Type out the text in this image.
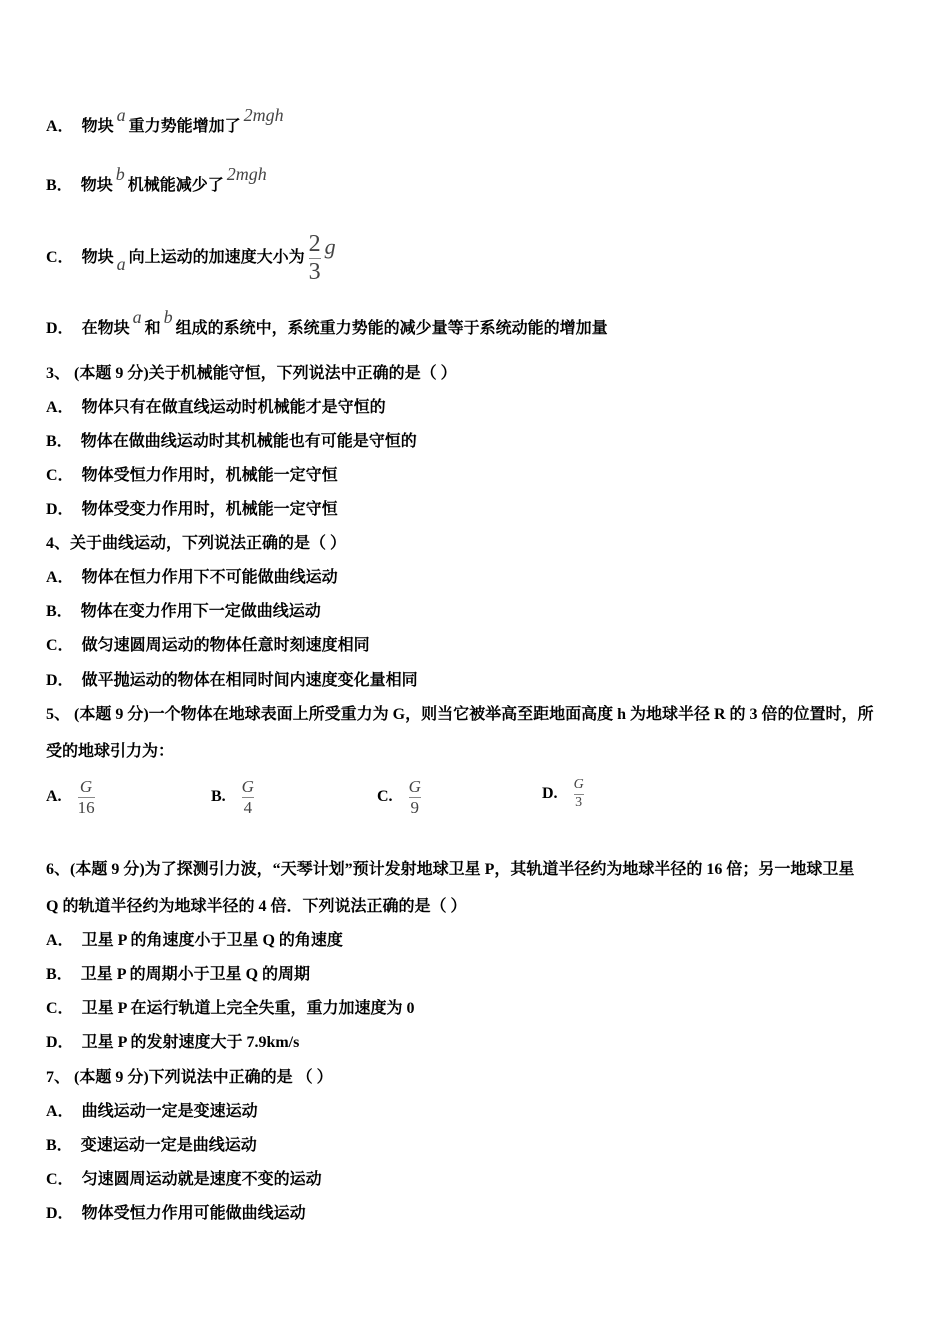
A． 物块a重力势能增加了2mgh
B． 物块b机械能减少了2mgh
C． 物块 a 向上运动的加速度大小为 $\frac{2}{3}$ g
D． 在物块a和b组成的系统中，系统重力势能的减少量等于系统动能的增加量
3、 (本题 9 分)关于机械能守恒，下列说法中正确的是（ ）
A． 物体只有在做直线运动时机械能才是守恒的
B． 物体在做曲线运动时其机械能也有可能是守恒的
C． 物体受恒力作用时，机械能一定守恒
D． 物体受变力作用时，机械能一定守恒
4、关于曲线运动，下列说法正确的是（ ）
A． 物体在恒力作用下不可能做曲线运动
B． 物体在变力作用下一定做曲线运动
C． 做匀速圆周运动的物体任意时刻速度相同
D． 做平抛运动的物体在相同时间内速度变化量相同
5、 (本题 9 分)一个物体在地球表面上所受重力为 G，则当它被举高至距地面高度 h 为地球半径 R 的 3 倍的位置时，所
受的地球引力为：
A. $\frac{G}{16}$	B. $\frac{G}{4}$	C. $\frac{G}{9}$	D. $\frac{G}{3}$
6、(本题 9 分)为了探测引力波，“天琴计划”预计发射地球卫星 P，其轨道半径约为地球半径的 16 倍；另一地球卫星
Q 的轨道半径约为地球半径的 4 倍．下列说法正确的是（ ）
A． 卫星 P 的角速度小于卫星 Q 的角速度
B． 卫星 P 的周期小于卫星 Q 的周期
C． 卫星 P 在运行轨道上完全失重，重力加速度为 0
D． 卫星 P 的发射速度大于 7.9km/s
7、 (本题 9 分)下列说法中正确的是 （ ）
A． 曲线运动一定是变速运动
B． 变速运动一定是曲线运动
C． 匀速圆周运动就是速度不变的运动
D． 物体受恒力作用可能做曲线运动
